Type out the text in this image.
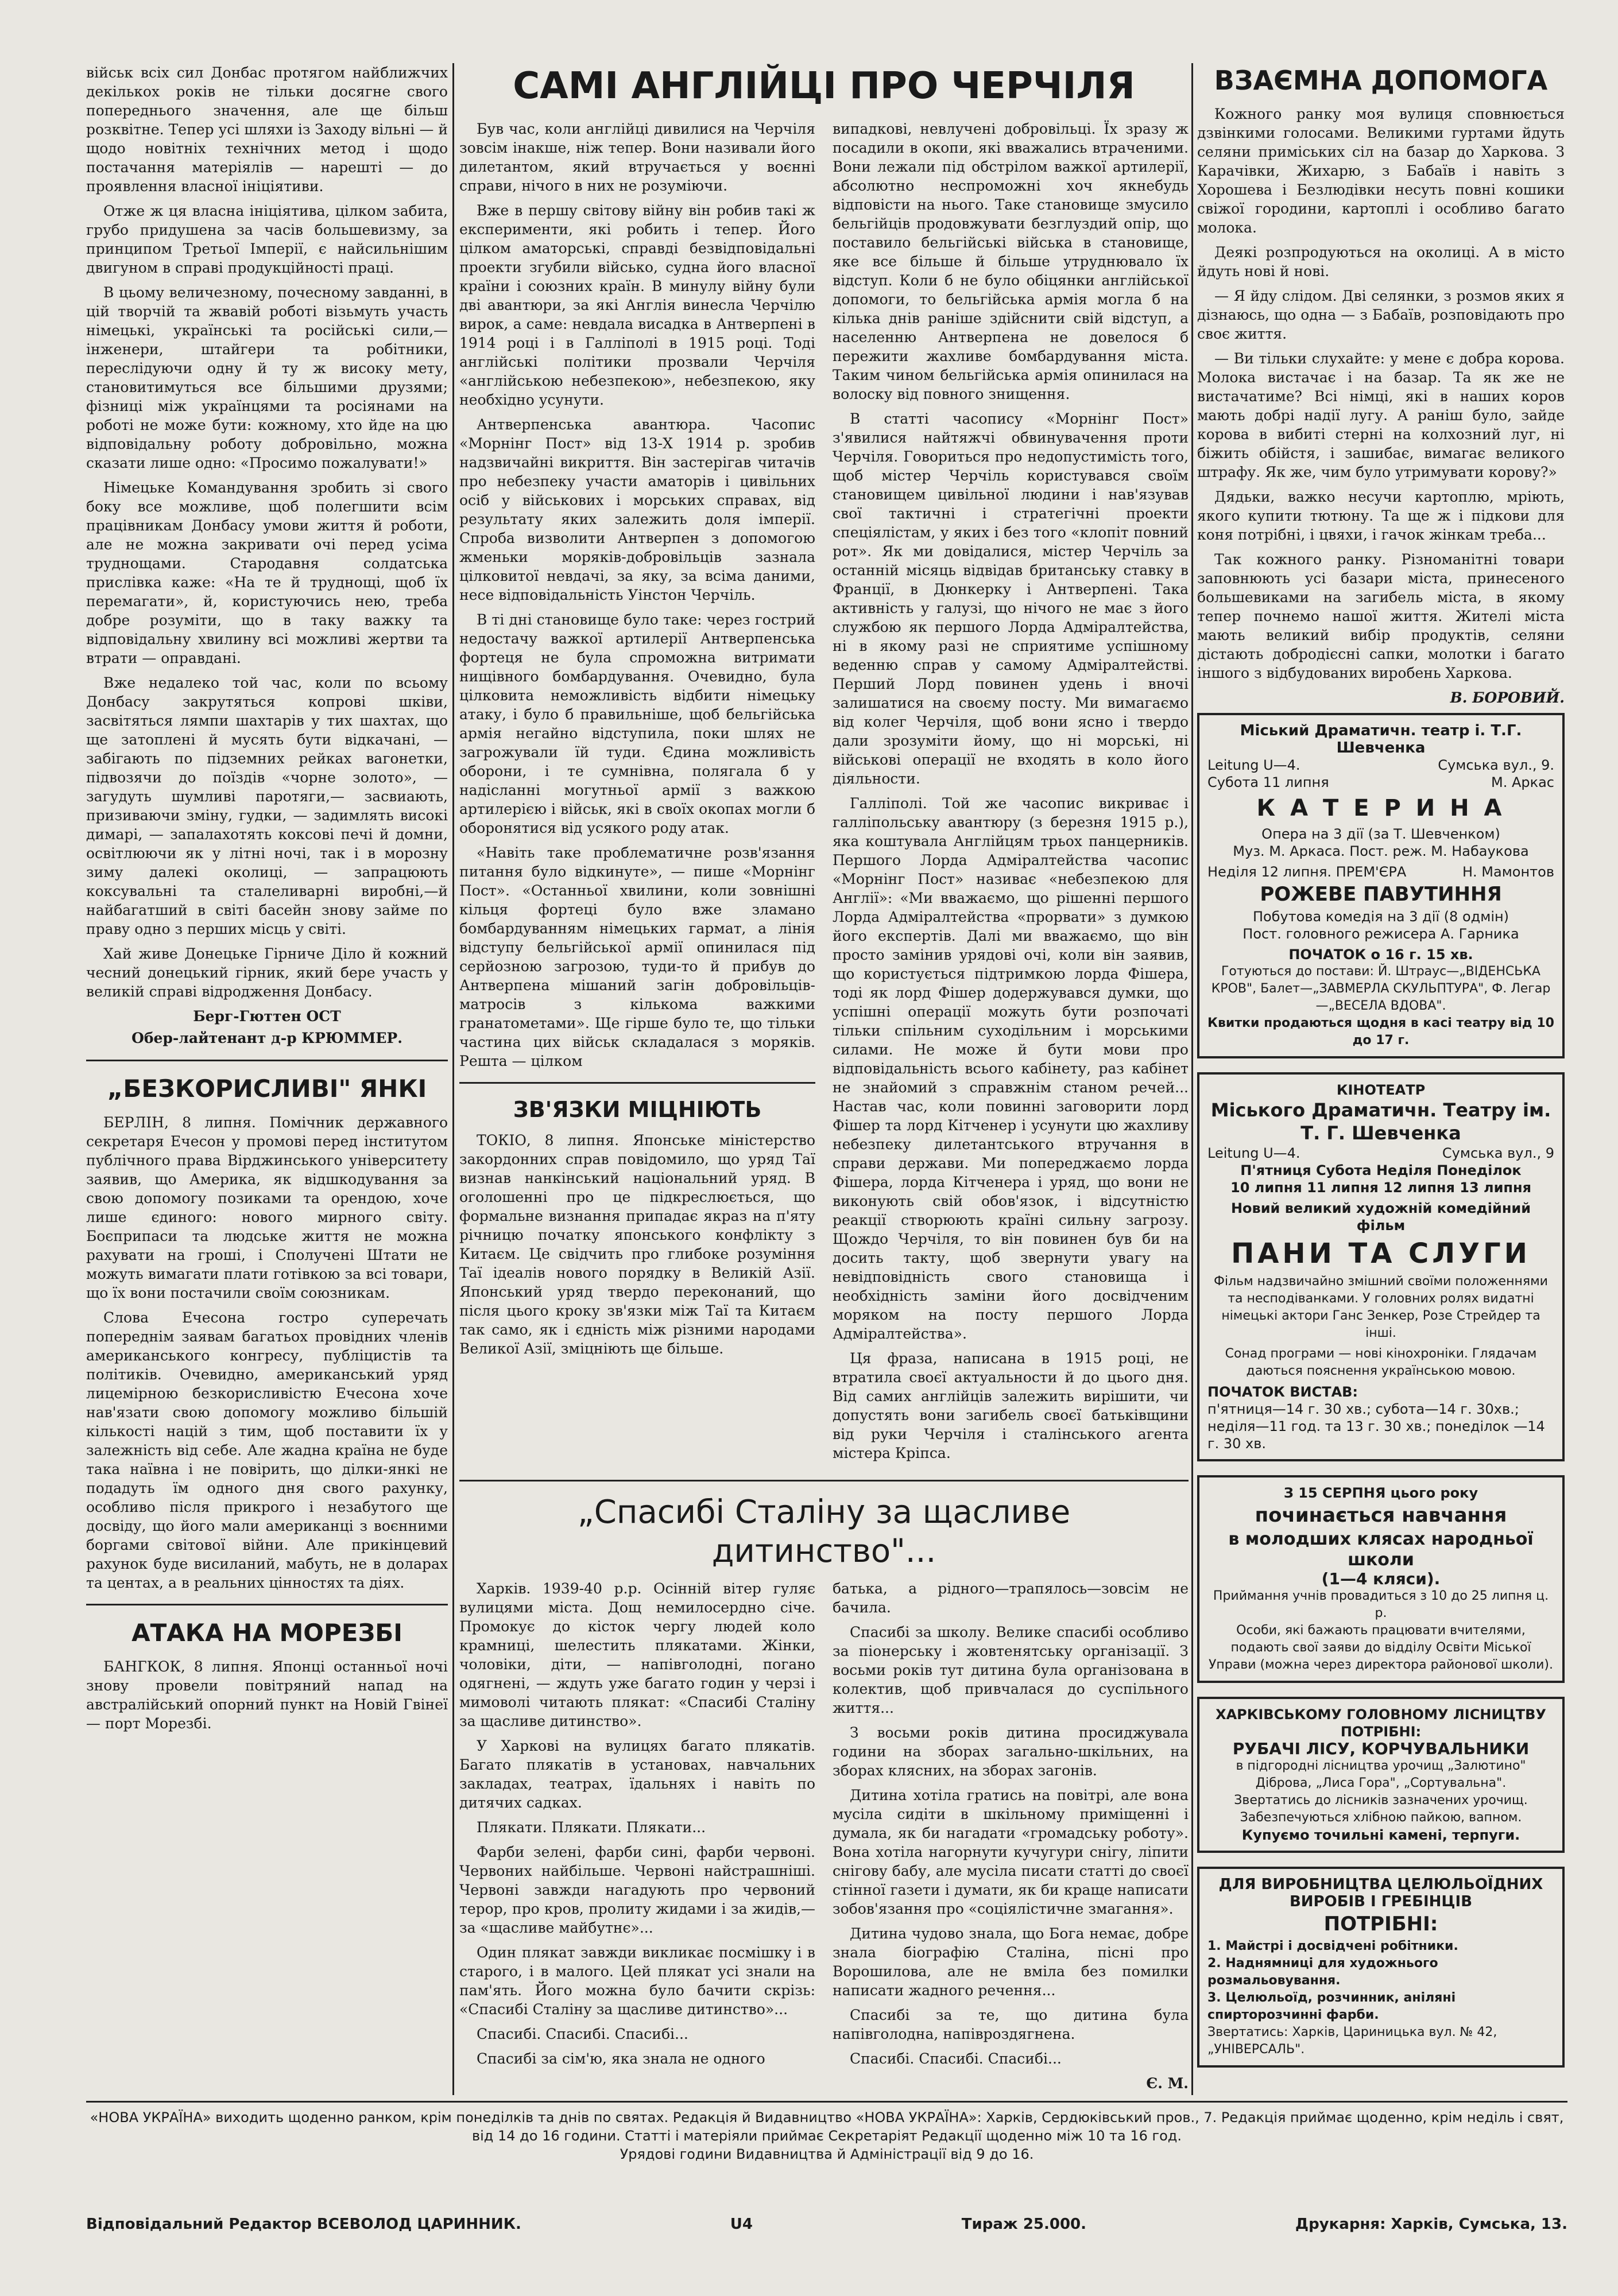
військ всіх сил Донбас протягом найближчих декількох років не тільки досягне свого попереднього значення, але ще більш розквітне. Тепер усі шляхи із Заходу вільні — й щодо новітніх технічних метод і щодо постачання матеріялів — нарешті — до проявлення власної ініціятиви.

Отже ж ця власна ініціятива, цілком забита, грубо придушена за часів большевизму, за принципом Третьої Імперії, є найсильнішим двигуном в справі продукційності праці.

В цьому величезному, почесному завданні, в цій творчій та жвавій роботі візьмуть участь німецькі, українські та російські сили,—інженери, штайгери та робітники, переслідуючи одну й ту ж високу мету, становитимуться все більшими друзями; фізниці між українцями та росіянами на роботі не може бути: кожному, хто йде на цю відповідальну роботу добровільно, можна сказати лише одно: «Просимо пожалувати!»

Німецьке Командування зробить зі свого боку все можливе, щоб полегшити всім працівникам Донбасу умови життя й роботи, але не можна закривати очі перед усіма труднощами. Стародавня солдатська прислівка каже: «На те й труднощі, щоб їх перемагати», й, користуючись нею, треба добре розуміти, що в таку важку та відповідальну хвилину всі можливі жертви та втрати — оправдані.

Вже недалеко той час, коли по всьому Донбасу закрутяться копрові шківи, засвітяться лямпи шахтарів у тих шахтах, що ще затоплені й мусять бути відкачані, — забігають по підземних рейках вагонетки, підвозячи до поїздів «чорне золото», — загудуть шумливі паротяги,— засвиають, призиваючи зміну, гудки, — задимлять високі димарі, — запалахотять коксові печі й домни, освітлюючи як у літні ночі, так і в морозну зиму далекі околиці, — запрацюють коксувальні та сталеливарні виробні,—й найбагатший в світі басейн знову займе по праву одно з перших місць у світі.

Хай живе Донецьке Гірниче Діло й кожний чесний донецький гірник, який бере участь у великій справі відродження Донбасу.

Берг-Гюттен ОСТ

Обер-лайтенант д-р КРЮММЕР.

„БЕЗКОРИСЛИВІ" ЯНКІ

БЕРЛІН, 8 липня. Помічник державного секретаря Ечесон у промові перед інститутом публічного права Вірджинського університету заявив, що Америка, як відшкодування за свою допомогу позиками та орендою, хоче лише єдиного: нового мирного світу. Боєприпаси та людське життя не можна рахувати на гроші, і Сполучені Штати не можуть вимагати плати готівкою за всі товари, що їх вони постачили своїм союзникам.

Слова Ечесона гостро суперечать попереднім заявам багатьох провідних членів американського конгресу, публіцистів та політиків. Очевидно, американський уряд лицемірною безкорисливістю Ечесона хоче нав'язати свою допомогу можливо більшій кількості націй з тим, щоб поставити їх у залежність від себе. Але жадна країна не буде така наївна і не повірить, що ділки-янкі не подадуть їм одного дня свого рахунку, особливо після прикрого і незабутого ще досвіду, що його мали американці з воєнними боргами світової війни. Але прикінцевий рахунок буде висиланий, мабуть, не в доларах та центах, а в реальних цінностях та діях.

АТАКА НА МОРЕЗБІ

БАНГКОК, 8 липня. Японці останньої ночі знову провели повітряний напад на австралійський опорний пункт на Новій Гвінеї — порт Морезбі.

САМІ АНГЛІЙЦІ ПРО ЧЕРЧІЛЯ

Був час, коли англійці дивилися на Черчіля зовсім інакше, ніж тепер. Вони називали його дилетантом, який втручається у воєнні справи, нічого в них не розуміючи.

Вже в першу світову війну він робив такі ж експерименти, які робить і тепер. Його цілком аматорські, справді безвідповідальні проекти згубили військо, судна його власної країни і союзних країн. В минулу війну були дві авантюри, за які Англія винесла Черчілю вирок, а саме: невдала висадка в Антверпені в 1914 році і в Галліполі в 1915 році. Тоді англійські політики прозвали Черчіля «англійською небезпекою», небезпекою, яку необхідно усунути.

Антверпенська авантюра. Часопис «Морнінг Пост» від 13-Х 1914 р. зробив надзвичайні викриття. Він застерігав читачів про небезпеку участи аматорів і цивільних осіб у військових і морських справах, від результату яких залежить доля імперії. Спроба визволити Антверпен з допомогою жменьки моряків-добровільців зазнала цілковитої невдачі, за яку, за всіма даними, несе відповідальність Уінстон Черчіль.

В ті дні становище було таке: через гострий недостачу важкої артилерії Антверпенська фортеця не була спроможна витримати нищівного бомбардування. Очевидно, була цілковита неможливість відбити німецьку атаку, і було б правильніше, щоб бельгійська армія негайно відступила, поки шлях не загрожували їй туди. Єдина можливість оборони, і те сумнівна, полягала б у надісланні могутньої армії з важкою артилерією і військ, які в своїх окопах могли б оборонятися від усякого роду атак.

«Навіть таке проблематичне розв'язання питання було відкинуте», — пише «Морнінг Пост». «Останньої хвилини, коли зовнішні кільця фортеці було вже зламано бомбардуванням німецьких гармат, а лінія відступу бельгійської армії опинилася під серйозною загрозою, туди-то й прибув до Антверпена мішаний загін добровільців-матросів з кількома важкими гранатометами». Ще гірше було те, що тільки частина цих військ складалася з моряків. Решта — цілком

ЗВ'ЯЗКИ МІЦНІЮТЬ

ТОКІО, 8 липня. Японське міністерство закордонних справ повідомило, що уряд Таї визнав нанкінський національний уряд. В оголошенні про це підкреслюється, що формальне визнання припадає якраз на п'яту річницю початку японського конфлікту з Китаєм. Це свідчить про глибоке розуміння Таї ідеалів нового порядку в Великій Азії. Японський уряд твердо переконаний, що після цього кроку зв'язки між Таї та Китаєм так само, як і єдність між різними народами Великої Азії, зміцніють ще більше.

випадкові, невлучені добровільці. Їх зразу ж посадили в окопи, які вважались втраченими. Вони лежали під обстрілом важкої артилерії, абсолютно неспроможні хоч якнебудь відповісти на нього. Таке становище змусило бельгійців продовжувати безглуздий опір, що поставило бельгійські війська в становище, яке все більше й більше утруднювало їх відступ. Коли б не було обіцянки англійської допомоги, то бельгійська армія могла б на кілька днів раніше здійснити свій відступ, а населенню Антверпена не довелося б пережити жахливе бомбардування міста. Таким чином бельгійська армія опинилася на волоску від повного знищення.

В статті часопису «Морнінг Пост» з'явилися найтяжчі обвинувачення проти Черчіля. Говориться про недопустимість того, щоб містер Черчіль користувався своїм становищем цивільної людини і нав'язував свої тактичні і стратегічні проекти спеціялістам, у яких і без того «клопіт повний рот». Як ми довідалися, містер Черчіль за останній місяць відвідав британську ставку в Франції, в Дюнкерку і Антверпені. Така активність у галузі, що нічого не має з його службою як першого Лорда Адміралтейства, ні в якому разі не сприятиме успішному веденню справ у самому Адміралтействі. Перший Лорд повинен удень і вночі залишатися на своєму посту. Ми вимагаємо від колег Черчіля, щоб вони ясно і твердо дали зрозуміти йому, що ні морські, ні військові операції не входять в коло його діяльности.

Галліполі. Той же часопис викриває і галліпольську авантюру (з березня 1915 р.), яка коштувала Англійцям трьох панцерників. Першого Лорда Адміралтейства часопис «Морнінг Пост» називає «небезпекою для Англії»: «Ми вважаємо, що рішенні першого Лорда Адміралтейства «прорвати» з думкою його експертів. Далі ми вважаємо, що він просто замінив урядові очі, коли він заявив, що користується підтримкою лорда Фішера, тоді як лорд Фішер додержувався думки, що успішні операції можуть бути розпочаті тільки спільним суходільним і морськими силами. Не може й бути мови про відповідальність всього кабінету, раз кабінет не знайомий з справжнім станом речей... Настав час, коли повинні заговорити лорд Фішер та лорд Кітченер і усунути цю жахливу небезпеку дилетантського втручання в справи держави. Ми попереджаємо лорда Фішера, лорда Кітченера і уряд, що вони не виконують свій обов'язок, і відсутністю реакції створюють країні сильну загрозу. Щождо Черчіля, то він повинен був би на досить такту, щоб звернути увагу на невідповідність свого становища і необхідність заміни його досвідченим моряком на посту першого Лорда Адміралтейства».

Ця фраза, написана в 1915 році, не втратила своєї актуальности й до цього дня. Від самих англійців залежить вирішити, чи допустять вони загибель своєї батьківщини від руки Черчіля і сталінського агента містера Кріпса.

„Спасибі Сталіну за щасливе
дитинство"...

Харків. 1939-40 р.р. Осінній вітер гуляє вулицями міста. Дощ немилосердно січе. Промокує до кісток чергу людей коло крамниці, шелестить плякатами. Жінки, чоловіки, діти, — напівголодні, погано одягнені, — ждуть уже багато годин у черзі і мимоволі читають плякат: «Спасибі Сталіну за щасливе дитинство».

У Харкові на вулицях багато плякатів. Багато плякатів в установах, навчальних закладах, театрах, їдальнях і навіть по дитячих садках.

Плякати. Плякати. Плякати...

Фарби зелені, фарби сині, фарби червоні. Червоних найбільше. Червоні найстрашніші. Червоні завжди нагадують про червоний терор, про кров, пролиту жидами і за жидів,—за «щасливе майбутнє»...

Один плякат завжди викликає посмішку і в старого, і в малого. Цей плякат усі знали на пам'ять. Його можна було бачити скрізь: «Спасибі Сталіну за щасливе дитинство»...

Спасибі. Спасибі. Спасибі...

Спасибі за сім'ю, яка знала не одного

батька, а рідного—трапялось—зовсім не бачила.

Спасибі за школу. Велике спасибі особливо за піонерську і жовтенятську організації. З восьми років тут дитина була організована в колектив, щоб привчалася до суспільного життя...

З восьми років дитина просиджувала години на зборах загально-шкільних, на зборах клясних, на зборах загонів.

Дитина хотіла гратись на повітрі, але вона мусіла сидіти в шкільному приміщенні і думала, як би нагадати «громадську роботу». Вона хотіла нагорнути кучугури снігу, ліпити снігову бабу, але мусіла писати статті до своєї стінної газети і думати, як би краще написати зобов'язання про «соціялістичне змагання».

Дитина чудово знала, що Бога немає, добре знала біографію Сталіна, пісні про Ворошилова, але не вміла без помилки написати жадного речення...

Спасибі за те, що дитина була напівголодна, напівроздягнена.

Спасибі. Спасибі. Спасибі...

Є. М.

ВЗАЄМНА ДОПОМОГА

Кожного ранку моя вулиця сповнюється дзвінкими голосами. Великими гуртами йдуть селяни приміських сіл на базар до Харкова. З Карачівки, Жихарю, з Бабаїв і навіть з Хорошева і Безлюдівки несуть повні кошики свіжої городини, картоплі і особливо багато молока.

Деякі розпродуються на околиці. А в місто йдуть нові й нові.

— Я йду слідом. Дві селянки, з розмов яких я дізнаюсь, що одна — з Бабаїв, розповідають про своє життя.

— Ви тільки слухайте: у мене є добра корова. Молока вистачає і на базар. Та як же не вистачатиме? Всі німці, які в наших коров мають добрі надії лугу. А раніш було, зайде корова в вибиті стерні на колхозний луг, ні біжить обійстя, і зашибає, вимагає великого штрафу. Як же, чим було утримувати корову?»

Дядьки, важко несучи картоплю, мріють, якого купити тютюну. Та ще ж і підкови для коня потрібні, і цвяхи, і гачок жінкам треба...

Так кожного ранку. Різноманітні товари заповнюють усі базари міста, принесеного большевиками на загибель міста, в якому тепер почнемо нашої життя. Жителі міста мають великий вибір продуктів, селяни дістають добродієсні сапки, молотки і багато іншого з відбудованих виробень Харкова.

В. БОРОВИЙ.

Міський Драматичн. театр і. Т.Г. Шевченка

Leitung U—4.	Сумська вул., 9.

Субота 11 липня	М. Аркас

К А Т Е Р И Н А

Опера на 3 дії (за Т. Шевченком)

Муз. М. Аркаса. Пост. реж. М. Набаукова

Неділя 12 липня. ПРЕМ'ЄРА	Н. Мамонтов

РОЖЕВЕ ПАВУТИННЯ

Побутова комедія на 3 дії (8 одмін)

Пост. головного режисера А. Гарника

ПОЧАТОК о 16 г. 15 хв.

Готуються до постави: Й. Штраус—„ВІДЕНСЬКА КРОВ", Балет—„ЗАВМЕРЛА СКУЛЬПТУРА", Ф. Легар—„ВЕСЕЛА ВДОВА".

Квитки продаються щодня в касі театру від 10 до 17 г.

КІНОТЕАТР

Міського Драматичн. Театру ім. Т. Г. Шевченка

Leitung U—4.	Сумська вул., 9

П'ятниця Субота Неділя Понеділок

10 липня 11 липня 12 липня 13 липня

Новий великий художній комедійний фільм

ПАНИ ТА СЛУГИ

Фільм надзвичайно змішний своїми положеннями та несподіванками. У головних ролях видатні німецькі актори Ганс Зенкер, Розе Стрейдер та інші.

Сонад програми — нові кінохроніки. Глядачам даються пояснення українською мовою.

ПОЧАТОК ВИСТАВ:

п'ятниця—14 г. 30 хв.; субота—14 г. 30хв.;

неділя—11 год. та 13 г. 30 хв.; понеділок —14 г. 30 хв.

З 15 СЕРПНЯ цього року

починається навчання

в молодших клясах народньої школи

(1—4 кляси).

Приймання учнів провадиться з 10 до 25 липня ц. р.

Особи, які бажають працювати вчителями, подають свої заяви до відділу Освіти Міської Управи (можна через директора районової школи).

ХАРКІВСЬКОМУ ГОЛОВНОМУ ЛІСНИЦТВУ

ПОТРІБНІ:

РУБАЧІ ЛІСУ, КОРЧУВАЛЬНИКИ

в підгородні лісництва урочищ „Залютино" Діброва, „Лиса Гора", „Сортувальна".

Звертатись до лісників зазначених урочищ.

Забезпечуються хлібною пайкою, вапном.

Купуємо точильні камені, терпуги.

ДЛЯ ВИРОБНИЦТВА ЦЕЛЮЛЬОЇДНИХ ВИРОБІВ І ГРЕБІНЦІВ

ПОТРІБНІ:

1. Майстрі і досвідчені робітники.

2. Наднямниці для художнього розмальовування.

3. Целюльоїд, розчинник, аніляні спирторозчинні фарби.

Звертатись: Харків, Цариницька вул. № 42, „УНІВЕРСАЛЬ".

«НОВА УКРАЇНА» виходить щоденно ранком, крім понеділків та днів по святах. Редакція й Видавництво «НОВА УКРАЇНА»: Харків, Сердюківський пров., 7. Редакція приймає щоденно, крім неділь і свят, від 14 до 16 години. Статті і матеріяли приймає Секретаріят Редакції щоденно між 10 та 16 год.

Урядові години Видавництва й Адміністрації від 9 до 16.

Відповідальний Редактор ВСЕВОЛОД ЦАРИННИК.	U4	Тираж 25.000.	Друкарня: Харків, Сумська, 13.
